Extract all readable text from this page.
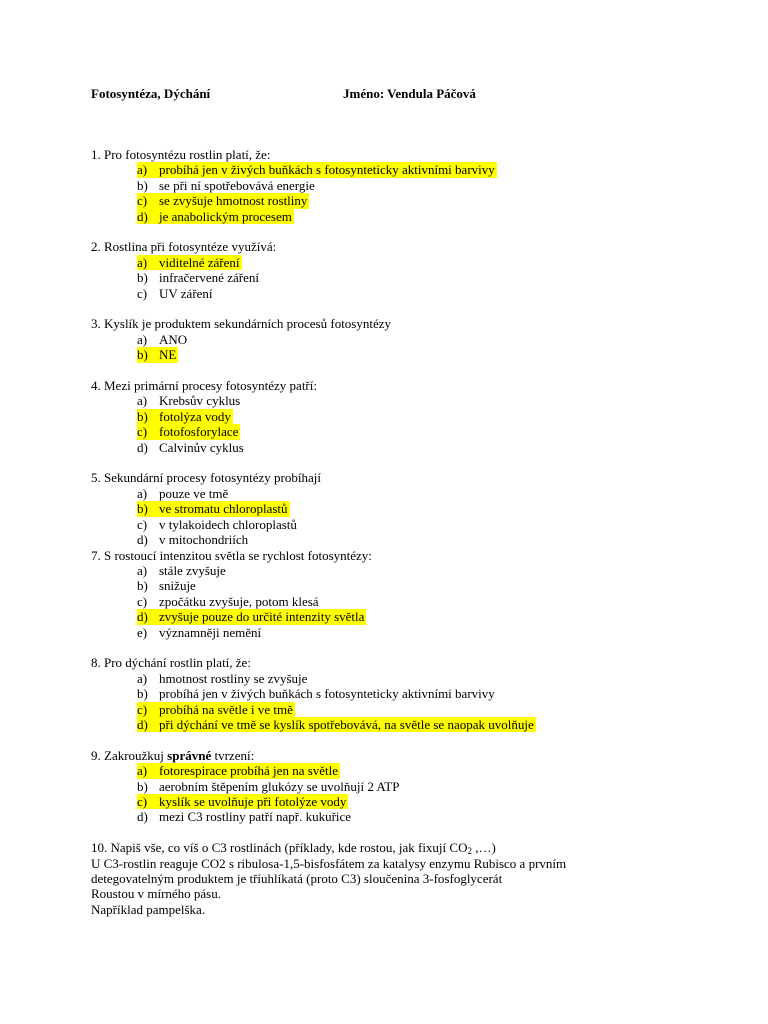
Fotosyntéza, Dýchání	Jméno: Vendula Páčová
1. Pro fotosyntézu rostlin platí, že:
a) probíhá jen v živých buňkách s fotosynteticky aktivními barvivy
b) se při ní spotřebovává energie
c) se zvyšuje hmotnost rostliny
d) je anabolickým procesem
2. Rostlina při fotosyntéze využívá:
a) viditelné záření
b) infračervené záření
c) UV záření
3. Kyslík je produktem sekundárních procesů fotosyntézy
a) ANO
b) NE
4. Mezi primární procesy fotosyntézy patří:
a) Krebsův cyklus
b) fotolýza vody
c) fotofosforylace
d) Calvinův cyklus
5. Sekundární procesy fotosyntézy probíhají
a) pouze ve tmě
b) ve stromatu chloroplastů
c) v tylakoidech chloroplastů
d) v mitochondriích
7. S rostoucí intenzitou světla se rychlost fotosyntézy:
a) stále zvyšuje
b) snižuje
c) zpočátku zvyšuje, potom klesá
d) zvyšuje pouze do určité intenzity světla
e) významněji nemění
8. Pro dýchání rostlin platí, že:
a) hmotnost rostliny se zvyšuje
b) probíhá jen v živých buňkách s fotosynteticky aktivními barvivy
c) probíhá na světle i ve tmě
d) při dýchání ve tmě se kyslík spotřebovává, na světle se naopak uvolňuje
9. Zakroužkuj správné tvrzení:
a) fotorespirace probíhá jen na světle
b) aerobním štěpením glukózy se uvolňují 2 ATP
c) kyslík se uvolňuje při fotolýze vody
d) mezi C3 rostliny patří např. kukuřice
10. Napiš vše, co víš o C3 rostlinách (příklady, kde rostou, jak fixují $CO_2$ ,…)
U C3-rostlin reaguje CO2 s ribulosa-1,5-bisfosfátem za katalysy enzymu Rubisco a prvním
detegovatelným produktem je tříuhlíkatá (proto C3) sloučenina 3-fosfoglycerát
Roustou v mírného pásu.
Například pampelška.
